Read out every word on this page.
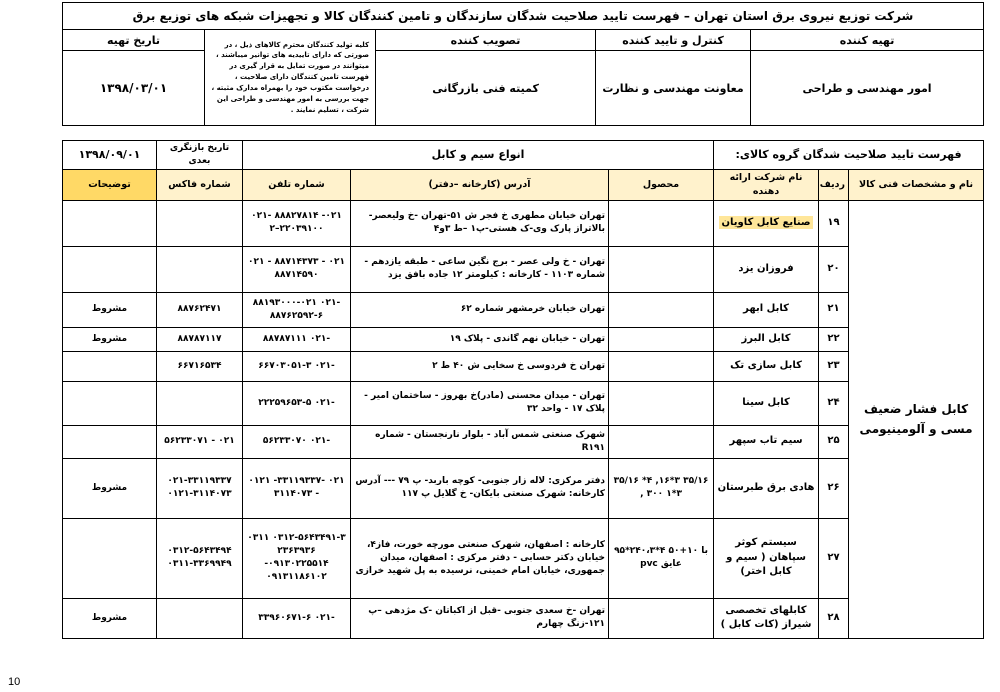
شرکت توزیع نیروی برق استان تهران – فهرست تایید صلاحیت شدگان سازندگان و تامین کنندگان کالا و تجهیزات شبکه های توزیع برق				
تهیه کننده	کنترل و تایید کننده	تصویب کننده	کلیه تولید کنندگان محترم کالاهای ذیل ، در صورتی که دارای تاییدیه های توانیر میباشند ، میتوانند در صورت تمایل به قرار گیری در فهرست تامین کنندگان دارای صلاحیت ، درخواست مکتوب خود را بهمراه مدارک مثبته ، جهت بررسی به امور مهندسی و طراحی این شرکت ، تسلیم نمایند .	تاریخ تهیه
امور مهندسی و طراحی	معاونت مهندسی و نظارت	کمیته فنی بازرگانی		۱۳۹۸/۰۳/۰۱
فهرست تایید صلاحیت شدگان گروه کالای:			انواع سیم و کابل			تاریخ بازنگری بعدی	۱۳۹۸/۰۹/۰۱
نام و مشخصات فنی کالا	ردیف	نام شرکت ارائه دهنده	محصول	آدرس (کارخانه –دفتر)	شماره تلفن	شماره فاکس	توضیحات
کابل فشار ضعیف مسی و آلومینیومی	۱۹	صنایع کابل کاویان		تهران خیابان مطهری خ فجر ش ۵۱-تهران -خ ولیعصر- بالاتراز پارک وی-ک هستی-پ۱ –ط ۳و۴	۰۲۱- ۸۸۸۲۷۸۱۴ -۰۲۱ ۲۲۰۳۹۱۰۰–۲		
	۲۰	فروزان یزد		تهران - خ ولی عصر - برج نگین ساعی - طبقه یازدهم - شماره ۱۱۰۳ - کارخانه : کیلومتر ۱۲ جاده بافق یزد	۰۲۱ - ۸۸۷۱۴۳۷۳ - ۰۲۱ ۸۸۷۱۴۵۹۰		
	۲۱	کابل ابهر		تهران خیابان خرمشهر شماره ۶۲	-۰۲۱ ۸۸۱۹۳۰۰۰-۰۲۱ ۸۸۷۶۲۵۹۲-۶	۸۸۷۶۲۴۷۱	مشروط
	۲۲	کابل البرز		تهران - خیابان نهم گاندی - پلاک ۱۹	-۰۲۱ ۸۸۷۸۷۱۱۱	۸۸۷۸۷۱۱۷	مشروط
	۲۳	کابل سازی تک		تهران خ فردوسی خ سخایی ش ۴۰ ط ۲	-۰۲۱ ۶۶۷۰۳۰۵۱-۳	۶۶۷۱۶۵۳۴	
	۲۴	کابل سینا		تهران - میدان محسنی (مادر)خ بهروز - ساختمان امیر - پلاک ۱۷ - واحد ۳۲	-۰۲۱ ۲۲۲۵۹۶۵۳-۵		
	۲۵	سیم تاب سپهر		شهرک صنعتی شمس آباد - بلوار نارنجستان - شماره R۱۹۱	-۰۲۱ ۵۶۲۳۳۰۷۰	۰۲۱ - ۵۶۲۳۳۰۷۱	
	۲۶	هادی برق طبرستان	۳۵/۱۶ ۳*۱۶, ۴* ۳۵/۱۶ ۳*۱ ۳۰۰ ,	دفتر مرکزی: لاله زار جنوبی- کوچه باربد- پ ۷۹ --- آدرس کارخانه: شهرک صنعتی بایکان- خ گلایل پ ۱۱۷	۰۲۱ -۳۳۱۱۹۳۳۷- ۰۱۲۱ - ۳۱۱۴۰۷۳	۰۲۱-۳۳۱۱۹۳۳۷ ۰۱۲۱-۳۱۱۴۰۷۳	مشروط
	۲۷	سیستم کوثر سپاهان ( سیم و کابل اختر)	با ۱۰+۵۰ ۴*۲۴۰،۳*۹۵ عایق pvc	کارخانه : اصفهان، شهرک صنعتی مورچه خورت، فاز۴، خیابان دکتر حسابی - دفتر مرکزی : اصفهان، میدان جمهوری، خیابان امام خمینی، نرسیده به پل شهید خرازی	۰۳۱۲-۵۶۴۳۴۹۱-۳ ۰۳۱۱ ۲۳۶۳۹۳۶ ۰۹۱۳۰۲۲۵۵۱۴- ۰۹۱۳۱۱۸۶۱۰۲	۰۳۱۲-۵۶۴۳۴۹۴ ۰۳۱۱-۳۳۶۹۹۴۹	
	۲۸	کابلهای تخصصی شیراز (کات کابل )		تهران -خ سعدی جنوبی -قبل از اکباتان -ک مژدهی –پ ۱۲۱-زنگ چهارم	-۰۲۱ ۳۳۹۶۰۶۷۱-۶		مشروط
10
